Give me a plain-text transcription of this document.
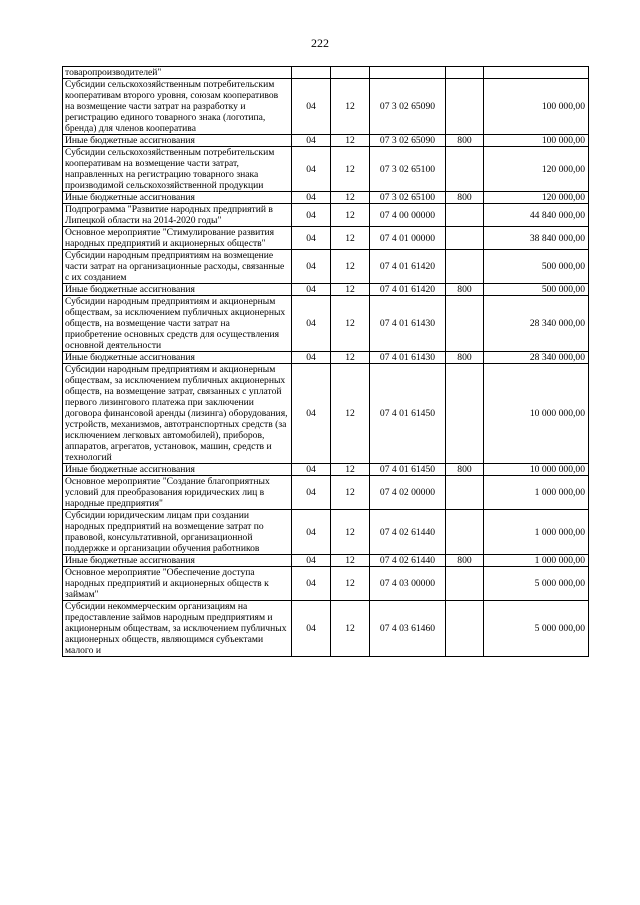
222
товаропроизводителей"					
Субсидии сельскохозяйственным потребительским кооперативам второго уровня, союзам кооперативов на возмещение части затрат на разработку и регистрацию единого товарного знака (логотипа, бренда) для членов кооператива	04	12	07 3 02 65090		100 000,00
Иные бюджетные ассигнования	04	12	07 3 02 65090	800	100 000,00
Субсидии сельскохозяйственным потребительским кооперативам на возмещение части затрат, направленных на регистрацию товарного знака производимой сельскохозяйственной продукции	04	12	07 3 02 65100		120 000,00
Иные бюджетные ассигнования	04	12	07 3 02 65100	800	120 000,00
Подпрограмма "Развитие народных предприятий в Липецкой области на 2014-2020 годы"	04	12	07 4 00 00000		44 840 000,00
Основное мероприятие "Стимулирование развития народных предприятий и акционерных обществ"	04	12	07 4 01 00000		38 840 000,00
Субсидии народным предприятиям на возмещение части затрат на организационные расходы, связанные с их созданием	04	12	07 4 01 61420		500 000,00
Иные бюджетные ассигнования	04	12	07 4 01 61420	800	500 000,00
Субсидии народным предприятиям и акционерным обществам, за исключением публичных акционерных обществ, на возмещение части затрат на приобретение основных средств для осуществления основной деятельности	04	12	07 4 01 61430		28 340 000,00
Иные бюджетные ассигнования	04	12	07 4 01 61430	800	28 340 000,00
Субсидии народным предприятиям и акционерным обществам, за исключением публичных акционерных обществ, на возмещение затрат, связанных с уплатой первого лизингового платежа при заключении договора финансовой аренды (лизинга) оборудования, устройств, механизмов, автотранспортных средств (за исключением легковых автомобилей), приборов, аппаратов, агрегатов, установок, машин, средств и технологий	04	12	07 4 01 61450		10 000 000,00
Иные бюджетные ассигнования	04	12	07 4 01 61450	800	10 000 000,00
Основное мероприятие "Создание благоприятных условий для преобразования юридических лиц в народные предприятия"	04	12	07 4 02 00000		1 000 000,00
Субсидии юридическим лицам при создании народных предприятий на возмещение затрат по правовой, консультативной, организационной поддержке и организации обучения работников	04	12	07 4 02 61440		1 000 000,00
Иные бюджетные ассигнования	04	12	07 4 02 61440	800	1 000 000,00
Основное мероприятие "Обеспечение доступа народных предприятий и акционерных обществ к займам"	04	12	07 4 03 00000		5 000 000,00
Субсидии некоммерческим организациям на предоставление займов народным предприятиям и акционерным обществам, за исключением публичных акционерных обществ, являющимся субъектами малого и	04	12	07 4 03 61460		5 000 000,00
